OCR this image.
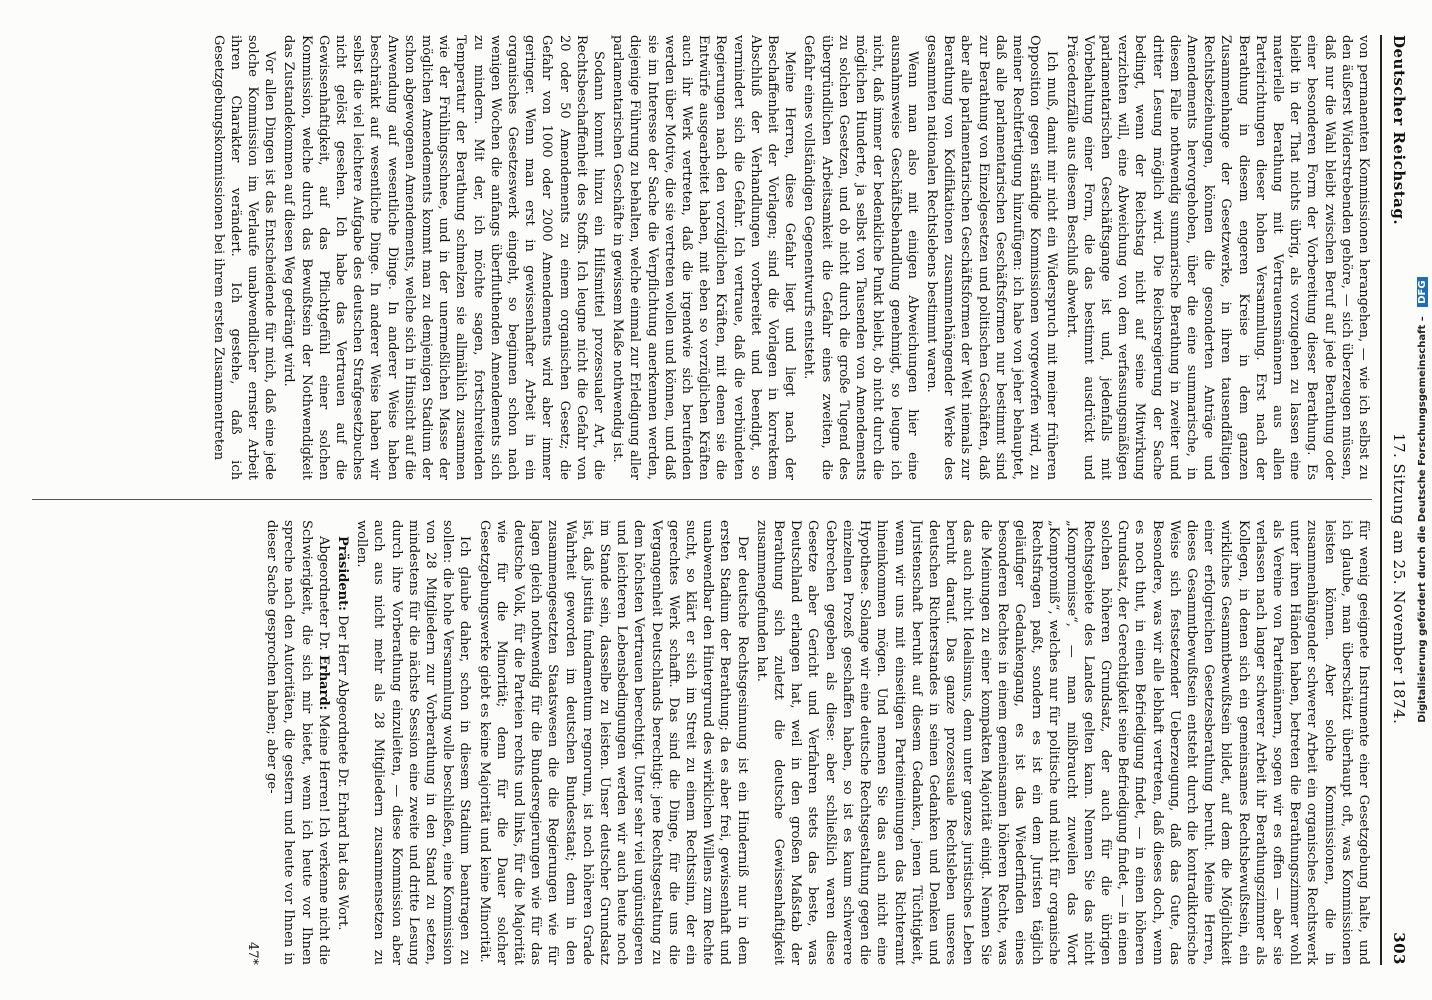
Deutscher Reichstag.
17. Sitzung am 25. November 1874.
303

von permanenten Kommissionen herangehen, — wie ich selbst zu den äußerst Widerstrebenden gehöre, — sich überzeugen müssen, daß nur die Wahl bleibt zwischen Beruf auf jede Berathung oder einer besonderen Form der Vorbereitung dieser Berathung. Es bleibt in der That nichts übrig, als vorzugehen zu lassen eine materielle Berathung mit Vertrauensmännern aus allen Parteirichtungen dieser hohen Versammlung. Erst nach der Berathung in diesem engeren Kreise in dem ganzen Zusammenhange der Gesetzwerke, in ihren tausendfältigen Rechtsbeziehungen, können die gesonderten Anträge und Amendements hervorgehoben, über die eine summarische, in diesem Falle nothwendig summarische Berathung in zweiter und dritter Lesung möglich wird. Die Reichsregierung der Sache bedingt, wenn der Reichstag nicht auf seine Mitwirkung verzichten will, eine Abweichung von dem verfassungsmäßigen parlamentarischen Geschäftsgange ist und, jedenfalls mit Vorbehaltung einer Form, die das bestimmt ausdrückt und Präcedenzfälle aus diesem Beschluß abwehrt.

Ich muß, damit mir nicht ein Widerspruch mit meiner früheren Opposition gegen ständige Kommissionen vorgeworfen wird, zu meiner Rechtfertigung hinzufügen: ich habe von jeher behauptet, daß alle parlamentarischen Geschäftsformen nur bestimmt sind zur Berathung von Einzelgesetzen und politischen Geschäften, daß aber alle parlamentarischen Geschäftsformen der Welt niemals zur Berathung von Kodifikationen zusammenhängender Werke des gesammten nationalen Rechtslebens bestimmt waren.

Wenn man also mit einigen Abweichungen hier eine ausnahmsweise Geschäftsbehandlung genehmigt, so leugne ich nicht, daß immer der bedenkliche Punkt bleibt, ob nicht durch die möglichen Hunderte, ja selbst von Tausenden von Amendements zu solchen Gesetzen, und ob nicht durch die große Tugend des übergründlichen Arbeitsamkeit die Gefahr eines zweiten, die Gefahr eines vollständigen Gegenentwurfs entsteht.

Meine Herren, diese Gefahr liegt und liegt nach der Beschaffenheit der Vorlagen; sind die Vorlagen in korrektem Abschluß der Verhandlungen vorbereitet und beendigt, so vermindert sich die Gefahr. Ich vertraue, daß die verbündeten Regierungen nach den vorzüglichen Kräften, mit denen sie die Entwürfe ausgearbeitet haben, mit eben so vorzüglichen Kräften auch ihr Werk vertreten, daß die irgendwie sich berufenden werden über Motive, die sie vertreten wollen und können, und daß sie im Interesse der Sache die Verpflichtung anerkennen werden, diejenige Führung zu behalten, welche einmal zur Erledigung aller parlamentarischen Geschäfte in gewissem Maße nothwendig ist.

Sodann kommt hinzu ein Hilfsmittel prozessualer Art, die Rechtsbeschaffenheit des Stoffs. Ich leugne nicht die Gefahr von 20 oder 50 Amendements zu einem organischen Gesetz; die Gefahr von 1000 oder 2000 Amendements wird aber immer geringer. Wenn man erst in gewissenhafter Arbeit in ein organisches Gesetzeswerk eingeht, so beginnen schon nach wenigen Wochen die anfangs überfluthenden Amendements sich zu mindern. Mit der, ich möchte sagen, fortschreitenden Temperatur der Berathung schmelzen sie allmählich zusammen wie der Frühlingsschnee, und in der unermeßlichen Masse der möglichen Amendements kommt man zu demjenigen Stadium der schon abgewogenen Amendements, welche sich in Hinsicht auf die Anwendung auf wesentliche Dinge. In anderer Weise haben beschränkt auf wesentliche Dinge. In anderer Weise haben wir selbst die viel leichtere Aufgabe des deutschen Strafgesetzbuches nicht gelöst gesehen. Ich habe das Vertrauen auf die Gewissenhaftigkeit, auf das Pflichtgefühl einer solchen Kommission, welche durch das Bewußtsein der Nothwendigkeit das Zustandekommen auf diesen Weg gedrängt wird.

Vor allen Dingen ist das Entscheidende für mich, daß eine jede solche Kommission im Verlaufe unabwendlicher ernster Arbeit ihren Charakter verändert. Ich gestehe, daß ich Gesetzgebungskommissionen bei ihrem ersten Zusammentreten

für wenig geeignete Instrumente einer Gesetzgebung halte, und ich glaube, man überschätzt überhaupt oft, was Kommissionen leisten können. Aber solche Kommissionen, die in zusammenhängender schwerer Arbeit ein organisches Rechtswerk unter ihren Händen haben, betreten die Berathungszimmer wohl als Vereine von Parteimännern, sogen wir es offen — aber sie verlassen nach langer schwerer Arbeit ihr Berathungszimmer als Kollegen, in denen sich ein gemeinsames Rechtsbewußtsein, ein wirkliches Gesammtbewußtsein bildet, auf dem die Möglichkeit einer erfolgreichen Gesetzesberathung beruht. Meine Herren, dieses Gesammtbewußtsein entsteht durch die kontradiktorische Weise sich festsetzender Ueberzeugung, daß das Gute, das Besondere, was wir alle lebhaft vertreten, daß dieses doch, wenn es noch thut, in einen Befriedigung findet, — in einen höheren Grundsatz, der Gerechtigkeit seine Befriedigung findet, — in einen solchen höheren Grundsatz, der auch für die übrigen Rechtsgebiete des Landes gelten kann. Nennen Sie das nicht „Kompromisse“, — man mißbraucht zuweilen das Wort „Kompromiß“, welches nur für politische und nicht für organische Rechtsfragen paßt, sondern es ist ein dem Juristen täglich geläufiger Gedankengang, es ist das Wiederfinden eines besonderen Rechtes in einem gemeinsamen höheren Rechte, was die Meinungen zu einer kompakten Majorität einigt. Nennen Sie das auch nicht Idealismus, denn unter ganzes juristisches Leben beruht darauf. Das ganze prozessuale Rechtsleben unseres deutschen Richterstandes in seinen Gedanken und Denken und Juristenschaft beruht auf diesem Gedanken, jenen Tüchtigkeit, wenn wir uns mit einseitigen Parteimeinungen das Richteramt hineinkommen mögen. Und nennen Sie das auch nicht eine Hypothese. Solange wir eine deutsche Rechtsgestaltung gegen die einzelnen Prozeß geschaffen haben, so ist es kaum schwerere Gebrechen gegeben als diese: aber schließlich waren diese Gesetze aber Gericht und Verfahren stets das beste, was Deutschland erlangen hat, weil in den großen Maßstab der Berathung sich zuletzt die deutsche Gewissenhaftigkeit zusammengefunden hat.

Der deutsche Rechtsgesinnung ist ein Hinderniß nur in dem ersten Stadium der Berathung; da es aber frei, gewissenhaft und unabwendbar den Hintergrund des wirklichen Willens zum Rechte sucht, so klärt er sich im Streit zu einem Rechtssinn, der ein gerechtes Werk schafft. Das sind die Dinge, für die uns die Vergangenheit Deutschlands berechtigt: jene Rechtsgestaltung zu dem höchsten Vertrauen berechtigt. Unter sehr viel ungünstigeren und leichteren Lebensbedingungen werden wir auch heute noch im Stande sein, dasselbe zu leisten. Unser deutscher Grundsatz ist, daß justitia fundamentum regnorum, ist noch höheren Grade Wahrheit geworden im deutschen Bundesstaat; denn in den zusammengesetzten Staatswesen die die Regierungen wie für lagen gleich nothwendig für die Bundesregierungen wie für das deutsche Volk, für die Parteien rechts und links, für die Majorität wie für die Minorität; denn für die Dauer solcher Gesetzgebungswerke giebt es keine Majorität und keine Minorität.

Ich glaube daher, schon in diesem Stadium beantragen zu sollen: die hohe Versammlung wolle beschließen, eine Kommission von 28 Mitgliedern zur Vorberathung in den Stand zu setzen, mindestens für die nächste Session eine zweite und dritte Lesung durch ihre Vorberathung einzuleiten, — diese Kommission aber auch aus nicht mehr als 28 Mitgliedern zusammensetzen zu wollen.

Präsident: Der Herr Abgeordnete Dr. Erhard hat das Wort.

Abgeordneter Dr. Erhard: Meine Herren! Ich verkenne nicht die Schwierigkeit, die sich mir bietet, wenn ich heute vor Ihnen spreche nach den Autoritäten, die gestern und heute vor Ihnen in dieser Sache gesprochen haben; aber ge-

47*

Digitalisierung gefördert durch die Deutsche Forschungsgemeinschaft – DFG
